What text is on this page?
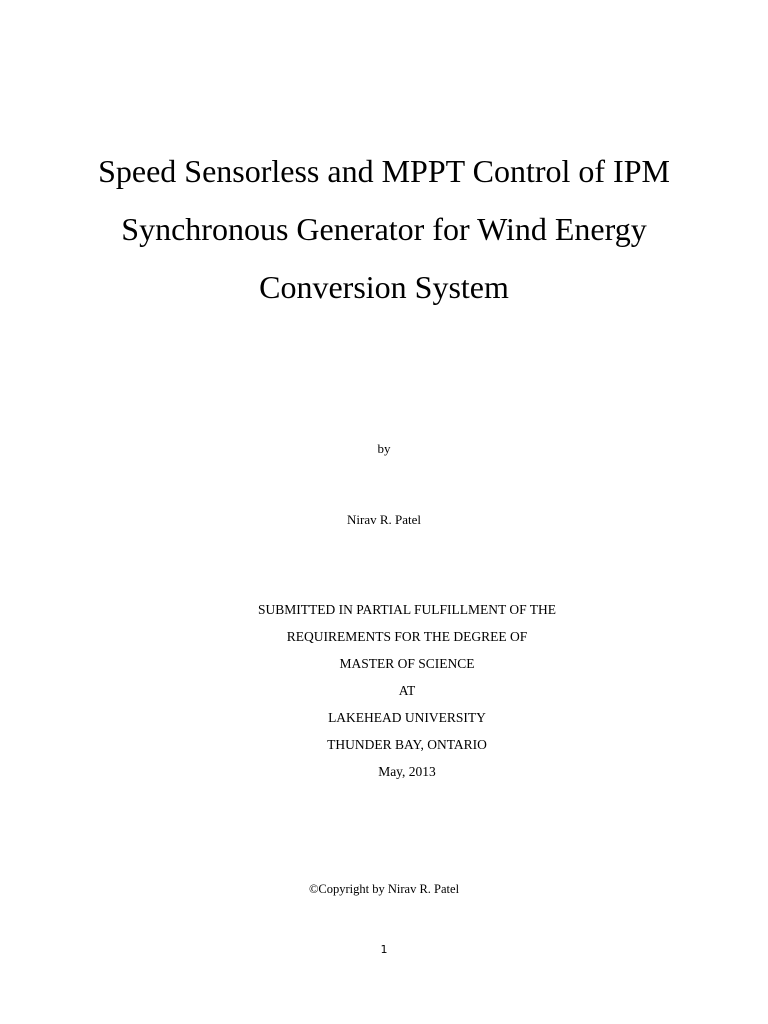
Speed Sensorless and MPPT Control of IPM
Synchronous Generator for Wind Energy
Conversion System
by
Nirav R. Patel
SUBMITTED IN PARTIAL FULFILLMENT OF THE
REQUIREMENTS FOR THE DEGREE OF
MASTER OF SCIENCE
AT
LAKEHEAD UNIVERSITY
THUNDER BAY, ONTARIO
May, 2013
©Copyright by Nirav R. Patel
1
